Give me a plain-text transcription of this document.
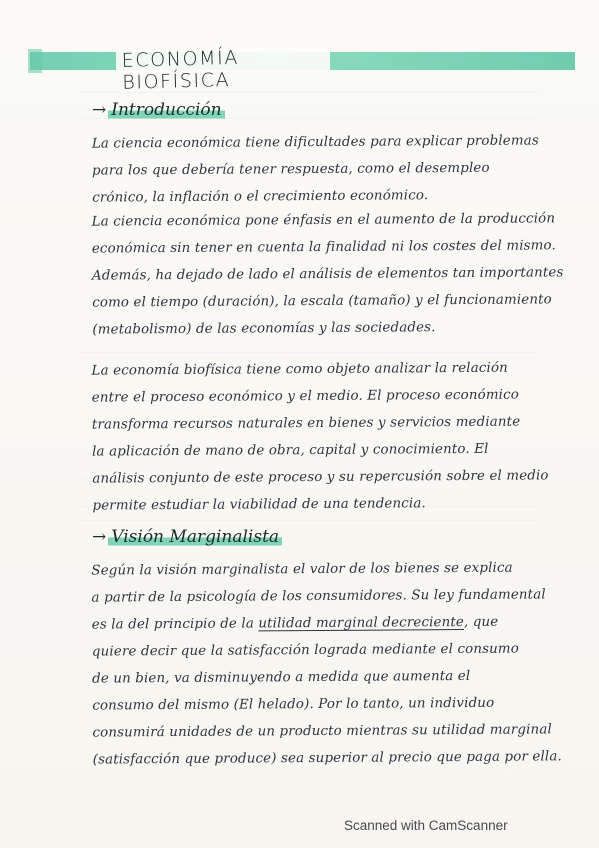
ECONOMÍA BIOFÍSICA
→ Introducción

La ciencia económica tiene dificultades para explicar problemas

para los que debería tener respuesta, como el desempleo

crónico, la inflación o el crecimiento económico.

La ciencia económica pone énfasis en el aumento de la producción

económica sin tener en cuenta la finalidad ni los costes del mismo.

Además, ha dejado de lado el análisis de elementos tan importantes

como el tiempo (duración), la escala (tamaño) y el funcionamiento

(metabolismo) de las economías y las sociedades.

La economía biofísica tiene como objeto analizar la relación

entre el proceso económico y el medio. El proceso económico

transforma recursos naturales en bienes y servicios mediante

la aplicación de mano de obra, capital y conocimiento. El

análisis conjunto de este proceso y su repercusión sobre el medio

permite estudiar la viabilidad de una tendencia.

→ Visión Marginalista

Según la visión marginalista el valor de los bienes se explica

a partir de la psicología de los consumidores. Su ley fundamental

es la del principio de la utilidad marginal decreciente, que

quiere decir que la satisfacción lograda mediante el consumo

de un bien, va disminuyendo a medida que aumenta el

consumo del mismo (El helado). Por lo tanto, un individuo

consumirá unidades de un producto mientras su utilidad marginal

(satisfacción que produce) sea superior al precio que paga por ella.

Scanned with CamScanner
